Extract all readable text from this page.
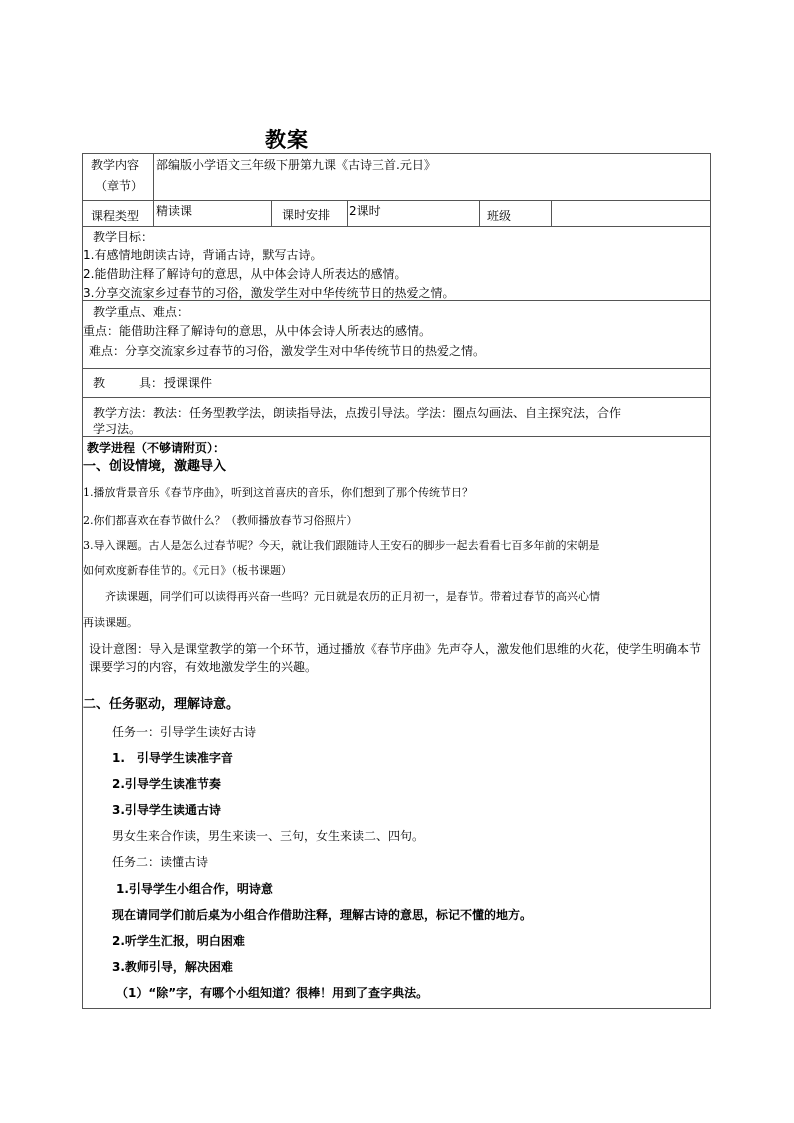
教案
教学内容
（章节）
部编版小学语文三年级下册第九课《古诗三首.元日》
课程类型 精读课	课时安排 2课时	班级
教学目标：
1.有感情地朗读古诗，背诵古诗，默写古诗。
2.能借助注释了解诗句的意思，从中体会诗人所表达的感情。
3.分享交流家乡过春节的习俗，激发学生对中华传统节日的热爱之情。
教学重点、难点：
重点：能借助注释了解诗句的意思，从中体会诗人所表达的感情。
难点：分享交流家乡过春节的习俗，激发学生对中华传统节日的热爱之情。
教	具： 授课课件
教学方法：教法：任务型教学法，朗读指导法，点拨引导法。学法：圈点勾画法、自主探究法，合作
学习法。
教学进程（不够请附页）：
一、创设情境，激趣导入
1.播放背景音乐《春节序曲》，听到这首喜庆的音乐，你们想到了那个传统节日？
2.你们都喜欢在春节做什么？（教师播放春节习俗照片）
3.导入课题。古人是怎么过春节呢？今天，就让我们跟随诗人王安石的脚步一起去看看七百多年前的宋朝是
如何欢度新春佳节的。《元日》（板书课题）
齐读课题，同学们可以读得再兴奋一些吗？元日就是农历的正月初一，是春节。带着过春节的高兴心情
再读课题。
设计意图：导入是课堂教学的第一个环节，通过播放《春节序曲》先声夺人，激发他们思维的火花，使学生明确本节课要学习的内容，有效地激发学生的兴趣。
二、任务驱动，理解诗意。
任务一：引导学生读好古诗
1.　引导学生读准字音
2.引导学生读准节奏
3.引导学生读通古诗
男女生来合作读，男生来读一、三句，女生来读二、四句。
任务二：读懂古诗
1.引导学生小组合作，明诗意
现在请同学们前后桌为小组合作借助注释，理解古诗的意思，标记不懂的地方。
2.听学生汇报，明白困难
3.教师引导，解决困难
（1）“除”字，有哪个小组知道？很棒！用到了查字典法。
